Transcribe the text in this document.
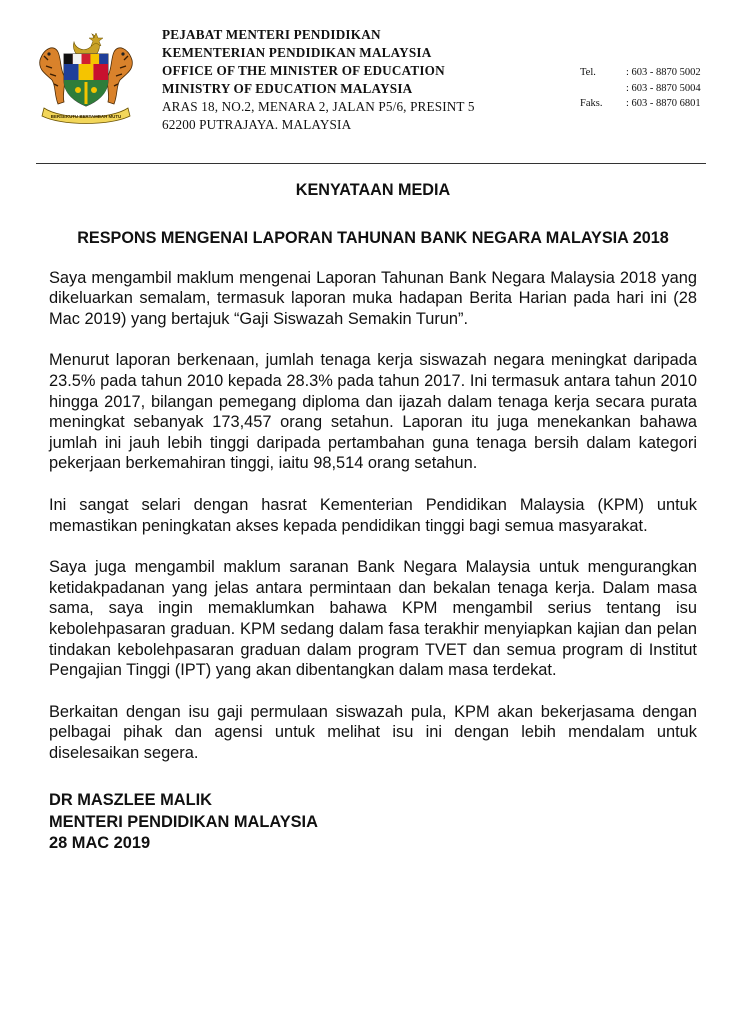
BERSEKUTU BERTAMBAH MUTU
PEJABAT MENTERI PENDIDIKAN
KEMENTERIAN PENDIDIKAN MALAYSIA
OFFICE OF THE MINISTER OF EDUCATION
MINISTRY OF EDUCATION MALAYSIA
ARAS 18, NO.2, MENARA 2, JALAN P5/6, PRESINT 5
62200 PUTRAJAYA. MALAYSIA
Tel.	: 603 - 8870 5002
: 603 - 8870 5004
Faks.	: 603 - 8870 6801
KENYATAAN MEDIA
RESPONS MENGENAI LAPORAN TAHUNAN BANK NEGARA MALAYSIA 2018

Saya mengambil maklum mengenai Laporan Tahunan Bank Negara Malaysia 2018 yang dikeluarkan semalam, termasuk laporan muka hadapan Berita Harian pada hari ini (28 Mac 2019) yang bertajuk “Gaji Siswazah Semakin Turun”.

Menurut laporan berkenaan, jumlah tenaga kerja siswazah negara meningkat daripada 23.5% pada tahun 2010 kepada 28.3% pada tahun 2017. Ini termasuk antara tahun 2010 hingga 2017, bilangan pemegang diploma dan ijazah dalam tenaga kerja secara purata meningkat sebanyak 173,457 orang setahun. Laporan itu juga menekankan bahawa jumlah ini jauh lebih tinggi daripada pertambahan guna tenaga bersih dalam kategori pekerjaan berkemahiran tinggi, iaitu 98,514 orang setahun.

Ini sangat selari dengan hasrat Kementerian Pendidikan Malaysia (KPM) untuk memastikan peningkatan akses kepada pendidikan tinggi bagi semua masyarakat.

Saya juga mengambil maklum saranan Bank Negara Malaysia untuk mengurangkan ketidakpadanan yang jelas antara permintaan dan bekalan tenaga kerja. Dalam masa sama, saya ingin memaklumkan bahawa KPM mengambil serius tentang isu kebolehpasaran graduan. KPM sedang dalam fasa terakhir menyiapkan kajian dan pelan tindakan kebolehpasaran graduan dalam program TVET dan semua program di Institut Pengajian Tinggi (IPT) yang akan dibentangkan dalam masa terdekat.

Berkaitan dengan isu gaji permulaan siswazah pula, KPM akan bekerjasama dengan pelbagai pihak dan agensi untuk melihat isu ini dengan lebih mendalam untuk diselesaikan segera.

DR MASZLEE MALIK
MENTERI PENDIDIKAN MALAYSIA
28 MAC 2019
